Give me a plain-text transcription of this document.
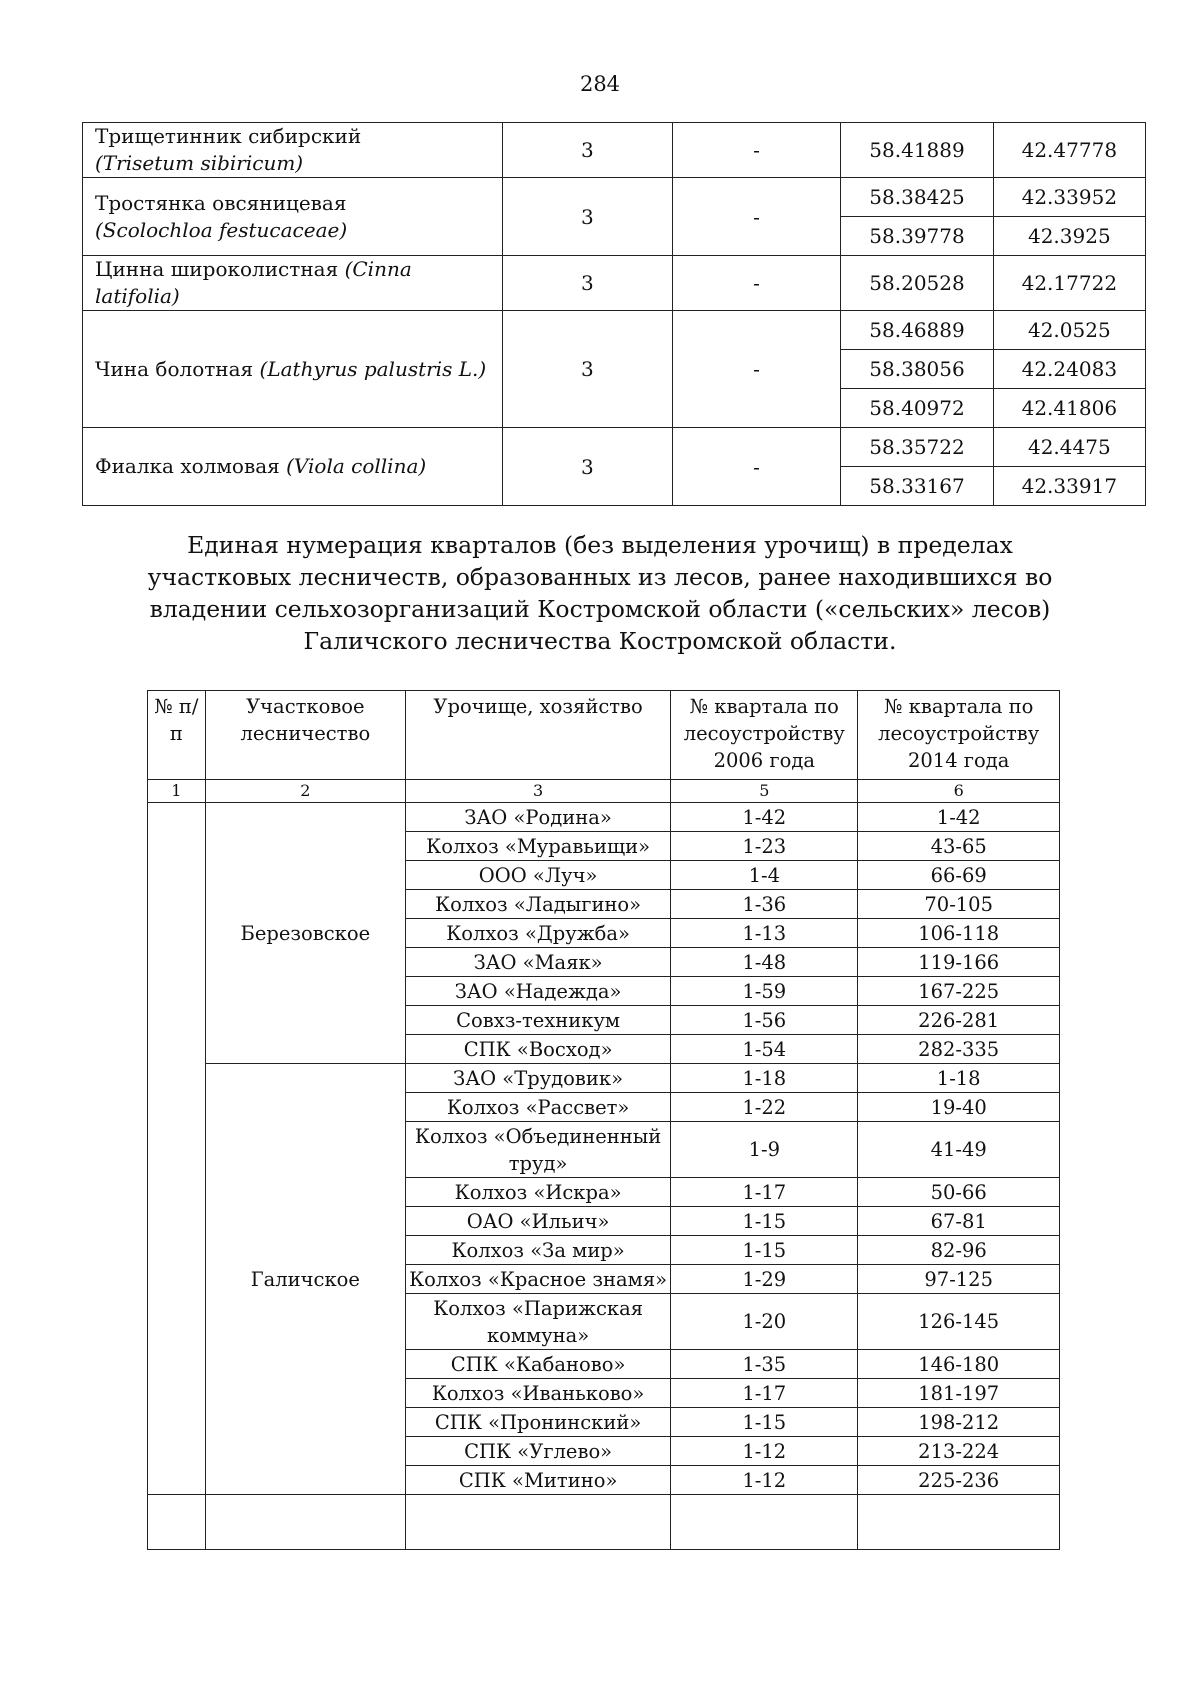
284
Трищетинник сибирский
(Trisetum sibiricum)	3	-	58.41889	42.47778
Тростянка овсяницевая
(Scolochloa festucaceae)	3	-	58.38425	42.33952
			58.39778	42.3925
Цинна широколистная (Cinna latifolia)	3	-	58.20528	42.17722
Чина болотная (Lathyrus palustris L.)	3	-	58.46889	42.0525
			58.38056	42.24083
			58.40972	42.41806
Фиалка холмовая (Viola collina)	3	-	58.35722	42.4475
			58.33167	42.33917
Единая нумерация кварталов (без выделения урочищ) в пределах
участковых лесничеств, образованных из лесов, ранее находившихся во
владении сельхозорганизаций Костромской области («сельских» лесов)
Галичского лесничества Костромской области.
№ п/п	Участковое лесничество	Урочище, хозяйство	№ квартала по лесоустройству 2006 года	№ квартала по лесоустройству 2014 года
1	2	3	5	6
	Березовское	ЗАО «Родина»	1-42	1-42
		Колхоз «Муравьищи»	1-23	43-65
		ООО «Луч»	1-4	66-69
		Колхоз «Ладыгино»	1-36	70-105
		Колхоз «Дружба»	1-13	106-118
		ЗАО «Маяк»	1-48	119-166
		ЗАО «Надежда»	1-59	167-225
		Совхз-техникум	1-56	226-281
		СПК «Восход»	1-54	282-335
	Галичское	ЗАО «Трудовик»	1-18	1-18
		Колхоз «Рассвет»	1-22	19-40
		Колхоз «Объединенный труд»	1-9	41-49
		Колхоз «Искра»	1-17	50-66
		ОАО «Ильич»	1-15	67-81
		Колхоз «За мир»	1-15	82-96
		Колхоз «Красное знамя»	1-29	97-125
		Колхоз «Парижская коммуна»	1-20	126-145
		СПК «Кабаново»	1-35	146-180
		Колхоз «Иваньково»	1-17	181-197
		СПК «Пронинский»	1-15	198-212
		СПК «Углево»	1-12	213-224
		СПК «Митино»	1-12	225-236
